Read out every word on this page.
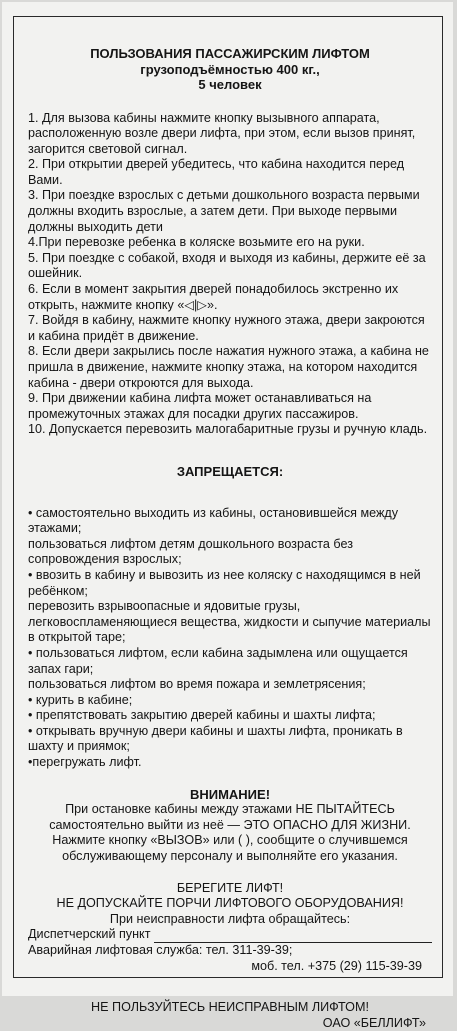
ПОЛЬЗОВАНИЯ ПАССАЖИРСКИМ ЛИФТОМ
грузоподъёмностью 400 кг.,
5 человек

1. Для вызова кабины нажмите кнопку вызывного аппарата, расположенную возле двери лифта, при этом, если вызов принят, загорится световой сигнал.

2. При открытии дверей убедитесь, что кабина находится перед Вами.

3. При поездке взрослых с детьми дошкольного возраста первыми должны входить взрослые, а затем дети. При выходе первыми должны выходить дети

4.При перевозке ребенка в коляске возьмите его на руки.

5. При поездке с собакой, входя и выходя из кабины, держите её за ошейник.

6. Если в момент закрытия дверей понадобилось экстренно их открыть, нажмите кнопку «◁|▷».

7. Войдя в кабину, нажмите кнопку нужного этажа, двери закроются и кабина придёт в движение.

8. Если двери закрылись после нажатия нужного этажа, а кабина не пришла в движение, нажмите кнопку этажа, на котором находится кабина - двери откроются для выхода.

9. При движении кабина лифта может останавливаться на промежуточных этажах для посадки других пассажиров.

10. Допускается перевозить малогабаритные грузы и ручную кладь.

ЗАПРЕЩАЕТСЯ:

• самостоятельно выходить из кабины, остановившейся между этажами;

пользоваться лифтом детям дошкольного возраста без сопровождения взрослых;

• ввозить в кабину и вывозить из нее коляску с находящимся в ней ребёнком;

перевозить взрывоопасные и ядовитые грузы, легковоспламеняющиеся вещества, жидкости и сыпучие материалы в открытой таре;

• пользоваться лифтом, если кабина задымлена или ощущается запах гари;

пользоваться лифтом во время пожара и землетрясения;

• курить в кабине;

• препятствовать закрытию дверей кабины и шахты лифта;

• открывать вручную двери кабины и шахты лифта, проникать в шахту и приямок;

•перегружать лифт.

ВНИМАНИЕ!

При остановке кабины между этажами НЕ ПЫТАЙТЕСЬ
самостоятельно выйти из неё — ЭТО ОПАСНО ДЛЯ ЖИЗНИ.
Нажмите кнопку «ВЫЗОВ» или ( ), сообщите о случившемся
обслуживающему персоналу и выполняйте его указания.
БЕРЕГИТЕ ЛИФТ!
НЕ ДОПУСКАЙТЕ ПОРЧИ ЛИФТОВОГО ОБОРУДОВАНИЯ!
При неисправности лифта обращайтесь:
Диспетчерский пункт
Аварийная лифтовая служба: тел. 311-39-39;
моб. тел. +375 (29) 115-39-39
НЕ ПОЛЬЗУЙТЕСЬ НЕИСПРАВНЫМ ЛИФТОМ!
ОАО «БЕЛЛИФТ»
